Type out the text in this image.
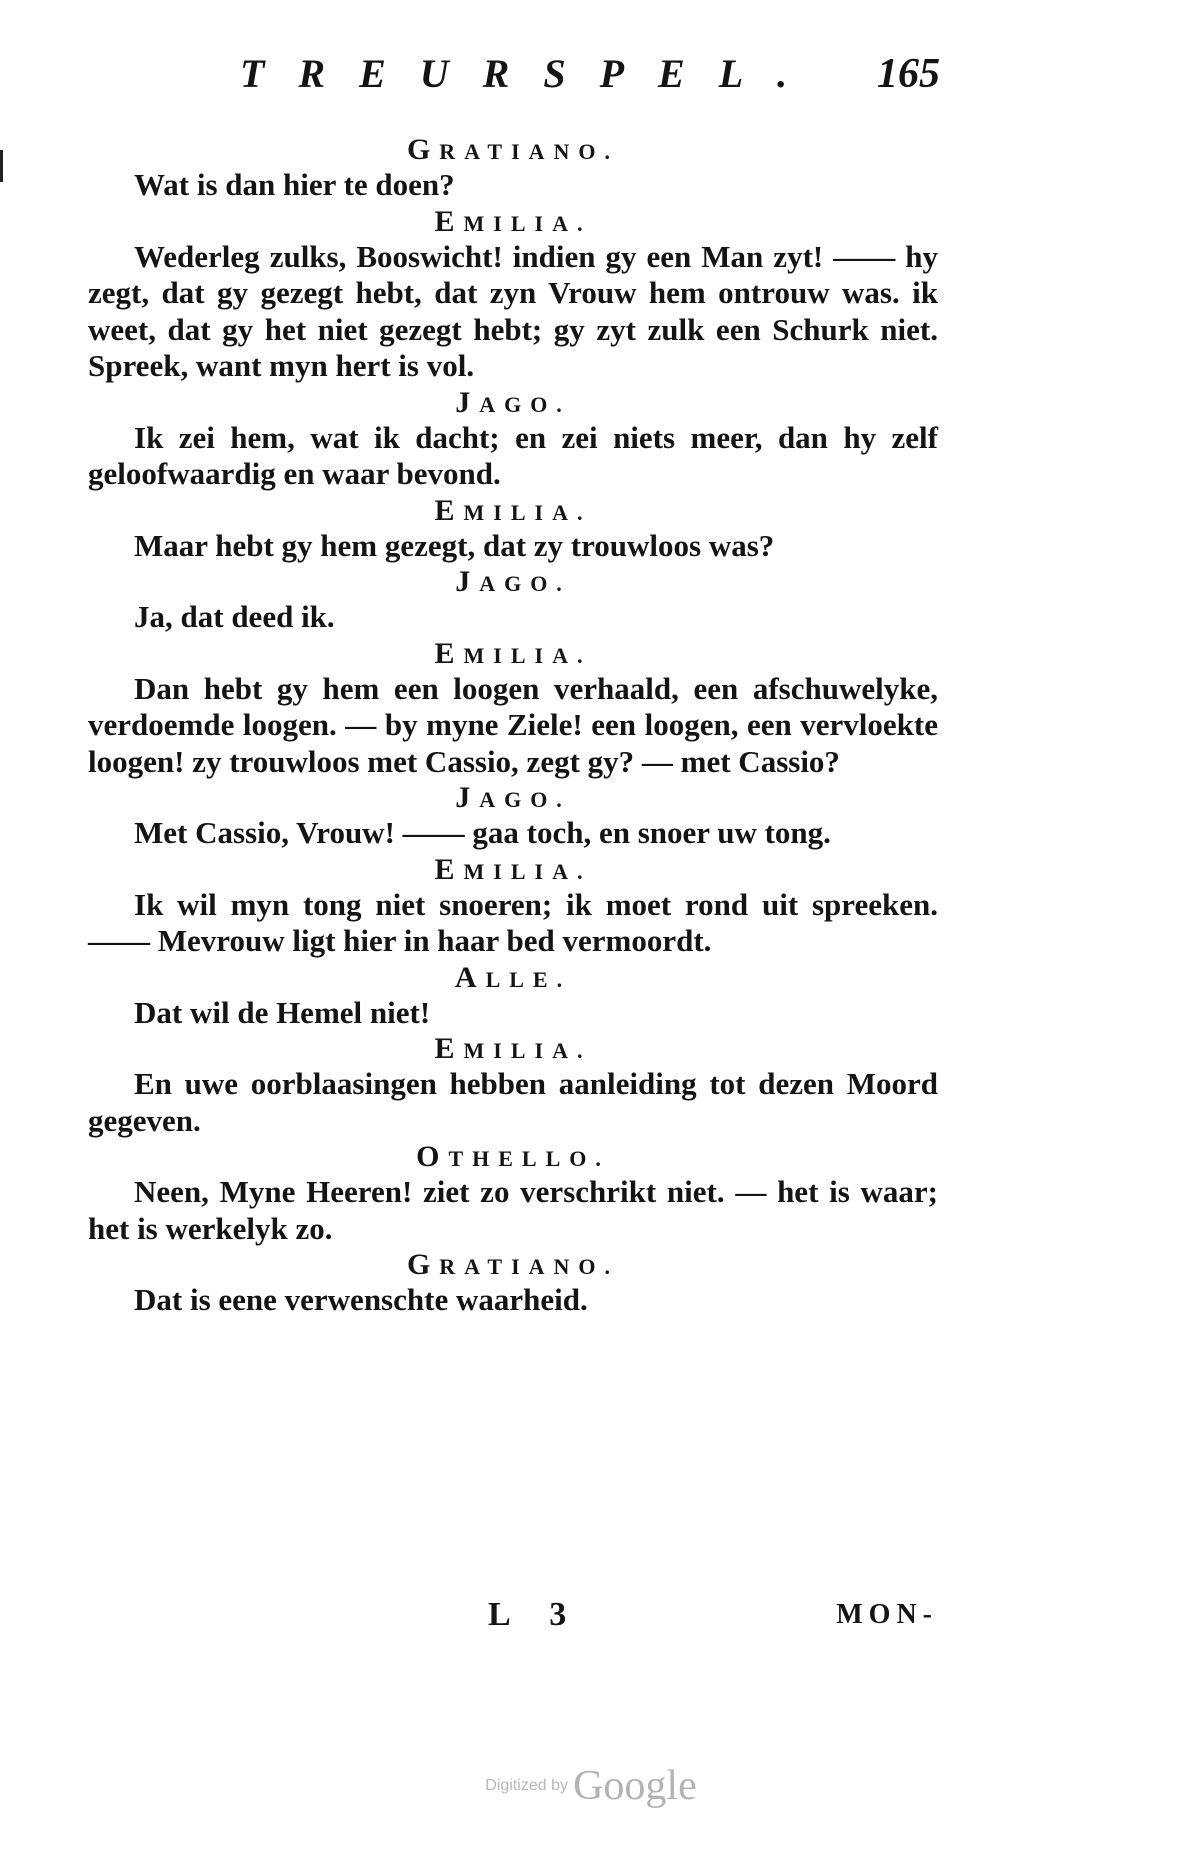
TREURSPEL. 165
GRATIANO.

Wat is dan hier te doen?

EMILIA.

Wederleg zulks, Booswicht! indien gy een Man zyt! —— hy zegt, dat gy gezegt hebt, dat zyn Vrouw hem ontrouw was. ik weet, dat gy het niet gezegt hebt; gy zyt zulk een Schurk niet. Spreek, want myn hert is vol.

JAGO.

Ik zei hem, wat ik dacht; en zei niets meer, dan hy zelf geloofwaardig en waar bevond.

EMILIA.

Maar hebt gy hem gezegt, dat zy trouwloos was?

JAGO.

Ja, dat deed ik.

EMILIA.

Dan hebt gy hem een loogen verhaald, een afschuwelyke, verdoemde loogen. — by myne Ziele! een loogen, een vervloekte loogen! zy trouwloos met Cassio, zegt gy? — met Cassio?

JAGO.

Met Cassio, Vrouw! —— gaa toch, en snoer uw tong.

EMILIA.

Ik wil myn tong niet snoeren; ik moet rond uit spreeken. —— Mevrouw ligt hier in haar bed vermoordt.

ALLE.

Dat wil de Hemel niet!

EMILIA.

En uwe oorblaasingen hebben aanleiding tot dezen Moord gegeven.

OTHELLO.

Neen, Myne Heeren! ziet zo verschrikt niet. — het is waar; het is werkelyk zo.

GRATIANO.

Dat is eene verwenschte waarheid.

L 3	MON-
Digitized by Google
